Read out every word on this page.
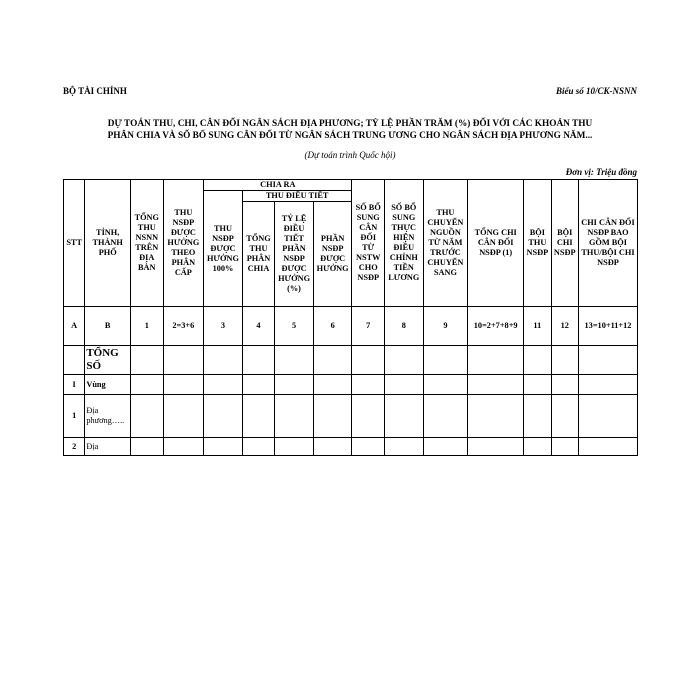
BỘ TÀI CHÍNH	Biểu số 10/CK-NSNN
DỰ TOÁN THU, CHI, CÂN ĐỐI NGÂN SÁCH ĐỊA PHƯƠNG; TỶ LỆ PHẦN TRĂM (%) ĐỐI VỚI CÁC KHOẢN THU
PHÂN CHIA VÀ SỐ BỔ SUNG CÂN ĐỐI TỪ NGÂN SÁCH TRUNG ƯƠNG CHO NGÂN SÁCH ĐỊA PHƯƠNG NĂM...
(Dự toán trình Quốc hội)
Đơn vị: Triệu đồng
STT	TỈNH, THÀNH PHỐ	TỔNG THU NSNN TRÊN ĐỊA BÀN	THU NSĐP ĐƯỢC HƯỞNG THEO PHÂN CẤP	CHIA RA				SỐ BỔ SUNG CÂN ĐỐI TỪ NSTW CHO NSĐP	SỐ BỔ SUNG THỰC HIỆN ĐIỀU CHỈNH TIỀN LƯƠNG	THU CHUYỂN NGUỒN TỪ NĂM TRƯỚC CHUYỂN SANG	TỔNG CHI CÂN ĐỐI NSĐP (1)	BỘI THU NSĐP	BỘI CHI NSĐP	CHI CÂN ĐỐI NSĐP BAO GỒM BỘI THU/BỘI CHI NSĐP
				THU NSĐP ĐƯỢC HƯỞNG 100%	THU ĐIỀU TIẾT									
					TỔNG THU PHÂN CHIA	TỶ LỆ ĐIỀU TIẾT PHẦN NSĐP ĐƯỢC HƯỞNG (%)	PHẦN NSĐP ĐƯỢC HƯỞNG							
A	B	1	2=3+6	3	4	5	6	7	8	9	10=2+7+8+9	11	12	13=10+11+12
	TỔNG SỐ													
I	Vùng													
1	Địa phương…..													
2	Địa													
